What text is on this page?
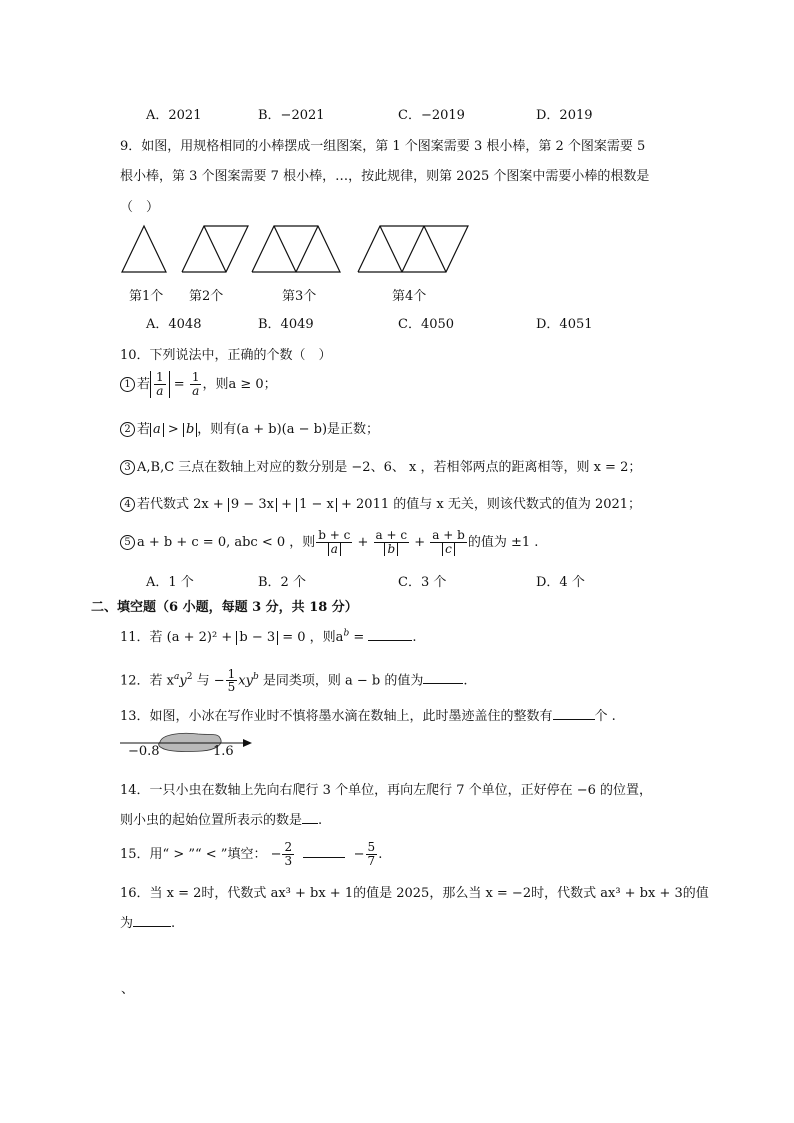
A．2021	B．−2021	C．−2019	D．2019
9．如图，用规格相同的小棒摆成一组图案，第 1 个图案需要 3 根小棒，第 2 个图案需要 5
根小棒，第 3 个图案需要 7 根小棒，…，按此规律，则第 2025 个图案中需要小棒的根数是
（　）
第1个 第2个	第3个	第4个
A．4048	B．4049	C．4050	D．4051
10．下列说法中，正确的个数（　）
1 若 $\frac{1}{a} = \frac{1}{a}$ ，则a ≥ 0；
2 若 a > b ，则有(a + b)(a − b)是正数；
3 A,B,C 三点在数轴上对应的数分别是 −2、6、 x ，若相邻两点的距离相等，则 x = 2；
4 若代数式 2x + 9 − 3x + 1 − x + 2011 的值与 x 无关，则该代数式的值为 2021；
5 a + b + c = 0, abc < 0 ，则 $\frac{b + c}{a} + \frac{a + c}{b} + \frac{a + b}{c}$ 的值为 ±1 .
A．1 个	B．2 个	C．3 个	D．4 个
二、填空题（6 小题，每题 3 分，共 18 分）
11．若 (a + 2)² + b − 3 = 0 ，则$a^b$ =	.
12．若 $x^ay^2$ 与 − $\frac{1}{5} xy^b$ 是同类项，则 a − b 的值为	.
13．如图，小冰在写作业时不慎将墨水滴在数轴上，此时墨迹盖住的整数有	个 .
−0.8	1.6
14．一只小虫在数轴上先向右爬行 3 个单位，再向左爬行 7 个单位，正好停在 −6 的位置，
则小虫的起始位置所表示的数是 .
15．用“ > ”“ < ”填空： − $\frac{2}{3}$	− $\frac{5}{7}$ .
16．当 x = 2时，代数式 ax³ + bx + 1的值是 2025，那么当 x = −2时，代数式 ax³ + bx + 3的值
为	.
、
